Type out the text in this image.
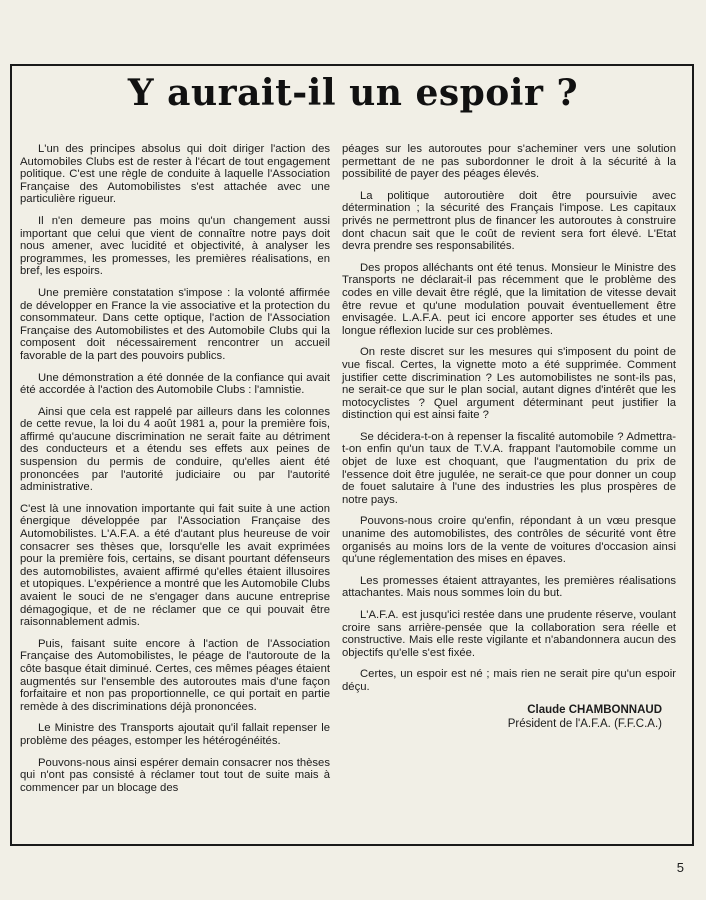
Y aurait-il un espoir ?

L'un des principes absolus qui doit diriger l'action des Automobiles Clubs est de rester à l'écart de tout engagement politique. C'est une règle de conduite à laquelle l'Association Française des Automobilistes s'est attachée avec une particulière rigueur.

Il n'en demeure pas moins qu'un changement aussi important que celui que vient de connaître notre pays doit nous amener, avec lucidité et objectivité, à analyser les programmes, les promesses, les premières réalisations, en bref, les espoirs.

Une première constatation s'impose : la volonté affirmée de développer en France la vie associative et la protection du consommateur. Dans cette optique, l'action de l'Association Française des Automobilistes et des Automobile Clubs qui la composent doit nécessairement rencontrer un accueil favorable de la part des pouvoirs publics.

Une démonstration a été donnée de la confiance qui avait été accordée à l'action des Automobile Clubs : l'amnistie.

Ainsi que cela est rappelé par ailleurs dans les colonnes de cette revue, la loi du 4 août 1981 a, pour la première fois, affirmé qu'aucune discrimination ne serait faite au détriment des conducteurs et a étendu ses effets aux peines de suspension du permis de conduire, qu'elles aient été prononcées par l'autorité judiciaire ou par l'autorité administrative.

C'est là une innovation importante qui fait suite à une action énergique développée par l'Association Française des Automobilistes. L'A.F.A. a été d'autant plus heureuse de voir consacrer ses thèses que, lorsqu'elle les avait exprimées pour la première fois, certains, se disant pourtant défenseurs des automobilistes, avaient affirmé qu'elles étaient illusoires et utopiques. L'expérience a montré que les Automobile Clubs avaient le souci de ne s'engager dans aucune entreprise démagogique, et de ne réclamer que ce qui pouvait être raisonnablement admis.

Puis, faisant suite encore à l'action de l'Association Française des Automobilistes, le péage de l'autoroute de la côte basque était diminué. Certes, ces mêmes péages étaient augmentés sur l'ensemble des autoroutes mais d'une façon forfaitaire et non pas proportionnelle, ce qui portait en partie remède à des discriminations déjà prononcées.

Le Ministre des Transports ajoutait qu'il fallait repenser le problème des péages, estomper les hétérogénéités.

Pouvons-nous ainsi espérer demain consacrer nos thèses qui n'ont pas consisté à réclamer tout tout de suite mais à commencer par un blocage des

péages sur les autoroutes pour s'acheminer vers une solution permettant de ne pas subordonner le droit à la sécurité à la possibilité de payer des péages élevés.

La politique autoroutière doit être poursuivie avec détermination ; la sécurité des Français l'impose. Les capitaux privés ne permettront plus de financer les autoroutes à construire dont chacun sait que le coût de revient sera fort élevé. L'Etat devra prendre ses responsabilités.

Des propos alléchants ont été tenus. Monsieur le Ministre des Transports ne déclarait-il pas récemment que le problème des codes en ville devait être réglé, que la limitation de vitesse devait être revue et qu'une modulation pouvait éventuellement être envisagée. L.A.F.A. peut ici encore apporter ses études et une longue réflexion lucide sur ces problèmes.

On reste discret sur les mesures qui s'imposent du point de vue fiscal. Certes, la vignette moto a été supprimée. Comment justifier cette discrimination ? Les automobilistes ne sont-ils pas, ne serait-ce que sur le plan social, autant dignes d'intérêt que les motocyclistes ? Quel argument déterminant peut justifier la distinction qui est ainsi faite ?

Se décidera-t-on à repenser la fiscalité automobile ? Admettra-t-on enfin qu'un taux de T.V.A. frappant l'automobile comme un objet de luxe est choquant, que l'augmentation du prix de l'essence doit être jugulée, ne serait-ce que pour donner un coup de fouet salutaire à l'une des industries les plus prospères de notre pays.

Pouvons-nous croire qu'enfin, répondant à un vœu presque unanime des automobilistes, des contrôles de sécurité vont être organisés au moins lors de la vente de voitures d'occasion ainsi qu'une réglementation des mises en épaves.

Les promesses étaient attrayantes, les premières réalisations attachantes. Mais nous sommes loin du but.

L'A.F.A. est jusqu'ici restée dans une prudente réserve, voulant croire sans arrière-pensée que la collaboration sera réelle et constructive. Mais elle reste vigilante et n'abandonnera aucun des objectifs qu'elle s'est fixée.

Certes, un espoir est né ; mais rien ne serait pire qu'un espoir déçu.

Claude CHAMBONNAUD
Président de l'A.F.A. (F.F.C.A.)
5
